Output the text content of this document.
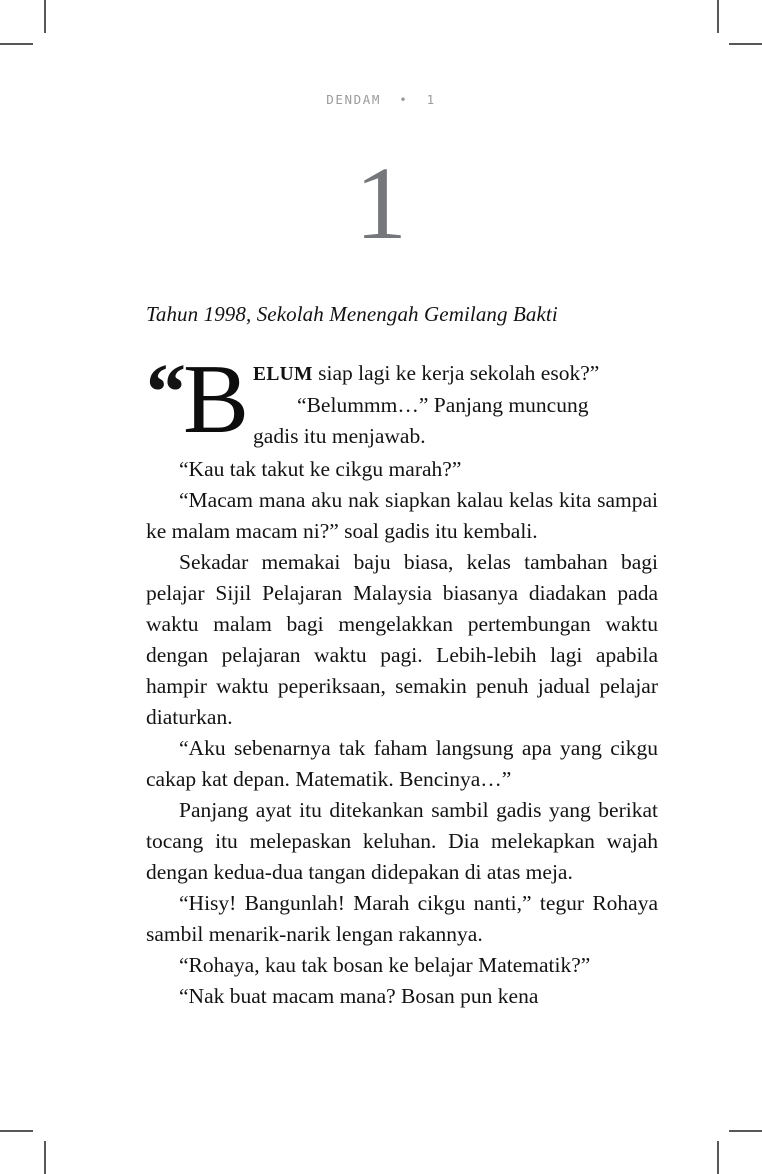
DENDAM  •  1
1
Tahun 1998, Sekolah Menengah Gemilang Bakti
“ B ELUM siap lagi ke kerja sekolah esok?”

“Belummm…” Panjang muncung

gadis itu menjawab.

“Kau tak takut ke cikgu marah?”

“Macam mana aku nak siapkan kalau kelas kita sampai ke malam macam ni?” soal gadis itu kembali.

Sekadar memakai baju biasa, kelas tambahan bagi pelajar Sijil Pelajaran Malaysia biasanya diadakan pada waktu malam bagi mengelakkan pertembungan waktu dengan pelajaran waktu pagi. Lebih-lebih lagi apabila hampir waktu peperiksaan, semakin penuh jadual pelajar diaturkan.

“Aku sebenarnya tak faham langsung apa yang cikgu cakap kat depan. Matematik. Bencinya…”

Panjang ayat itu ditekankan sambil gadis yang berikat tocang itu melepaskan keluhan. Dia melekapkan wajah dengan kedua-dua tangan didepakan di atas meja.

“Hisy! Bangunlah! Marah cikgu nanti,” tegur Rohaya sambil menarik-narik lengan rakannya.

“Rohaya, kau tak bosan ke belajar Matematik?”

“Nak buat macam mana? Bosan pun kena
